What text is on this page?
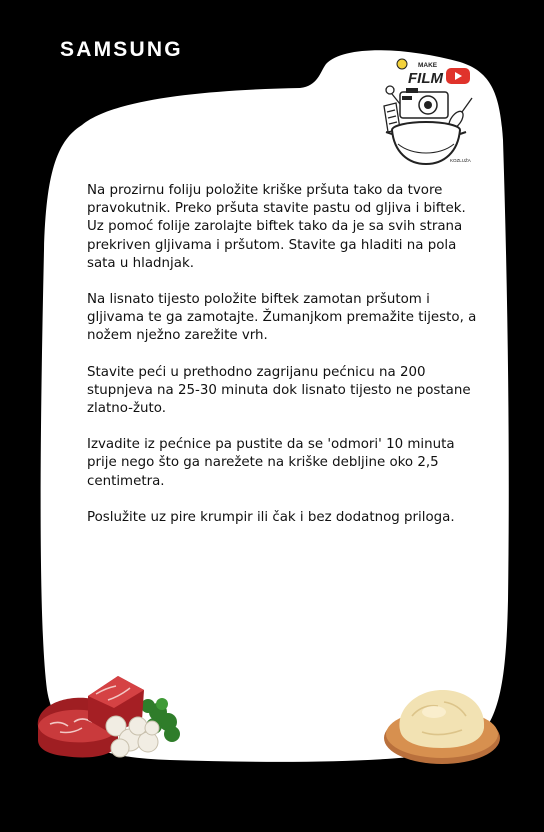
SAMSUNG
MAKE
FILM
KOZLUŽA

Na prozirnu foliju položite kriške pršuta tako da tvore pravokutnik. Preko pršuta stavite pastu od gljiva i biftek. Uz pomoć folije zarolajte biftek tako da je sa svih strana prekriven gljivama i pršutom. Stavite ga hladiti na pola sata u hladnjak.

Na lisnato tijesto položite biftek zamotan pršutom i gljivama te ga zamotajte. Žumanjkom premažite tijesto, a nožem nježno zarežite vrh.

Stavite peći u prethodno zagrijanu pećnicu na 200 stupnjeva na 25-30 minuta dok lisnato tijesto ne postane zlatno-žuto.

Izvadite iz pećnice pa pustite da se 'odmori' 10 minuta prije nego što ga narežete na kriške debljine oko 2,5 centimetra.

Poslužite uz pire krumpir ili čak i bez dodatnog priloga.
